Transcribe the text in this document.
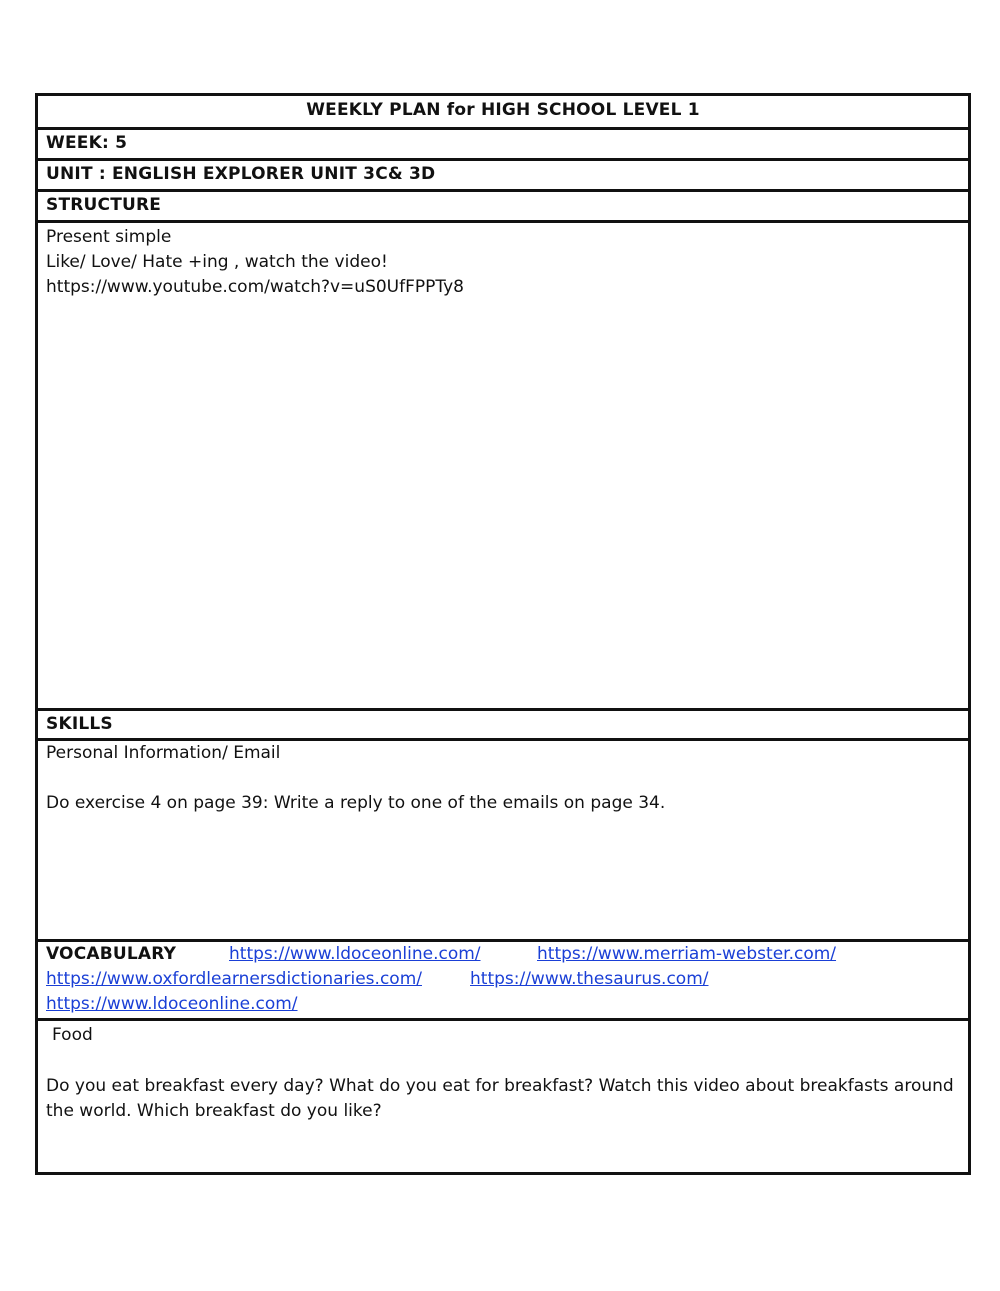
WEEKLY PLAN for HIGH SCHOOL LEVEL 1
WEEK: 5
UNIT : ENGLISH EXPLORER UNIT 3C& 3D
STRUCTURE
Present simple
Like/ Love/ Hate +ing , watch the video!
https://www.youtube.com/watch?v=uS0UfFPPTy8
SKILLS
Personal Information/ Email
Do exercise 4 on page 39: Write a reply to one of the emails on page 34.
VOCABULARY	https://www.ldoceonline.com/	https://www.merriam-webster.com/
https://www.oxfordlearnersdictionaries.com/	https://www.thesaurus.com/
https://www.ldoceonline.com/
Food
Do you eat breakfast every day? What do you eat for breakfast? Watch this video about breakfasts around
the world. Which breakfast do you like?
